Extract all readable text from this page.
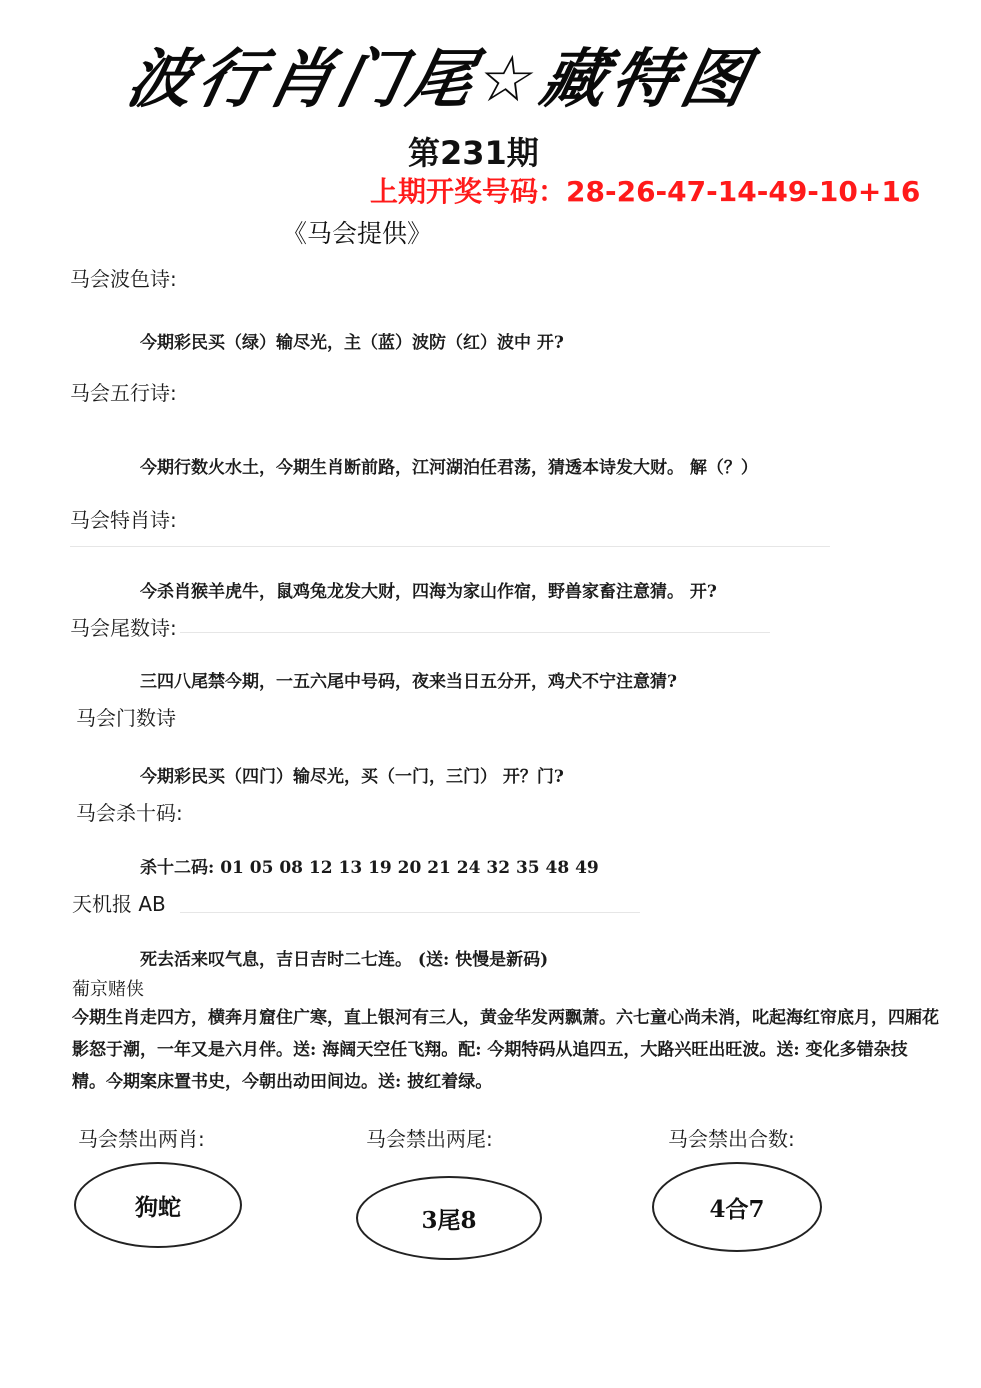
波行肖门尾☆藏特图
第231期
上期开奖号码：28-26-47-14-49-10+16
《马会提供》
马会波色诗:
今期彩民买（绿）输尽光，主（蓝）波防（红）波中 开?
马会五行诗:
今期行数火水土，今期生肖断前路，江河湖泊任君荡，猜透本诗发大财。 解（？）
马会特肖诗:
今杀肖猴羊虎牛，鼠鸡兔龙发大财，四海为家山作宿，野兽家畜注意猜。 开?
马会尾数诗:
三四八尾禁今期，一五六尾中号码，夜来当日五分开，鸡犬不宁注意猜?
马会门数诗
今期彩民买（四门）输尽光，买（一门，三门） 开？门?
马会杀十码:
杀十二码: 01 05 08 12 13 19 20 21 24 32 35 48 49
天机报 AB
死去活来叹气息，吉日吉时二七连。 (送: 快慢是新码)
葡京赌侠
今期生肖走四方，横奔月窟住广寒，直上银河有三人，黄金华发两飘萧。六七童心尚未消，叱起海红帘底月，四厢花影怒于潮，一年又是六月伴。送: 海阔天空任飞翔。配: 今期特码从追四五，大路兴旺出旺波。送: 变化多错杂技精。今期案床置书史，今朝出动田间边。送: 披红着绿。
马会禁出两肖:	马会禁出两尾:	马会禁出合数:
狗蛇	3尾8	4合7
